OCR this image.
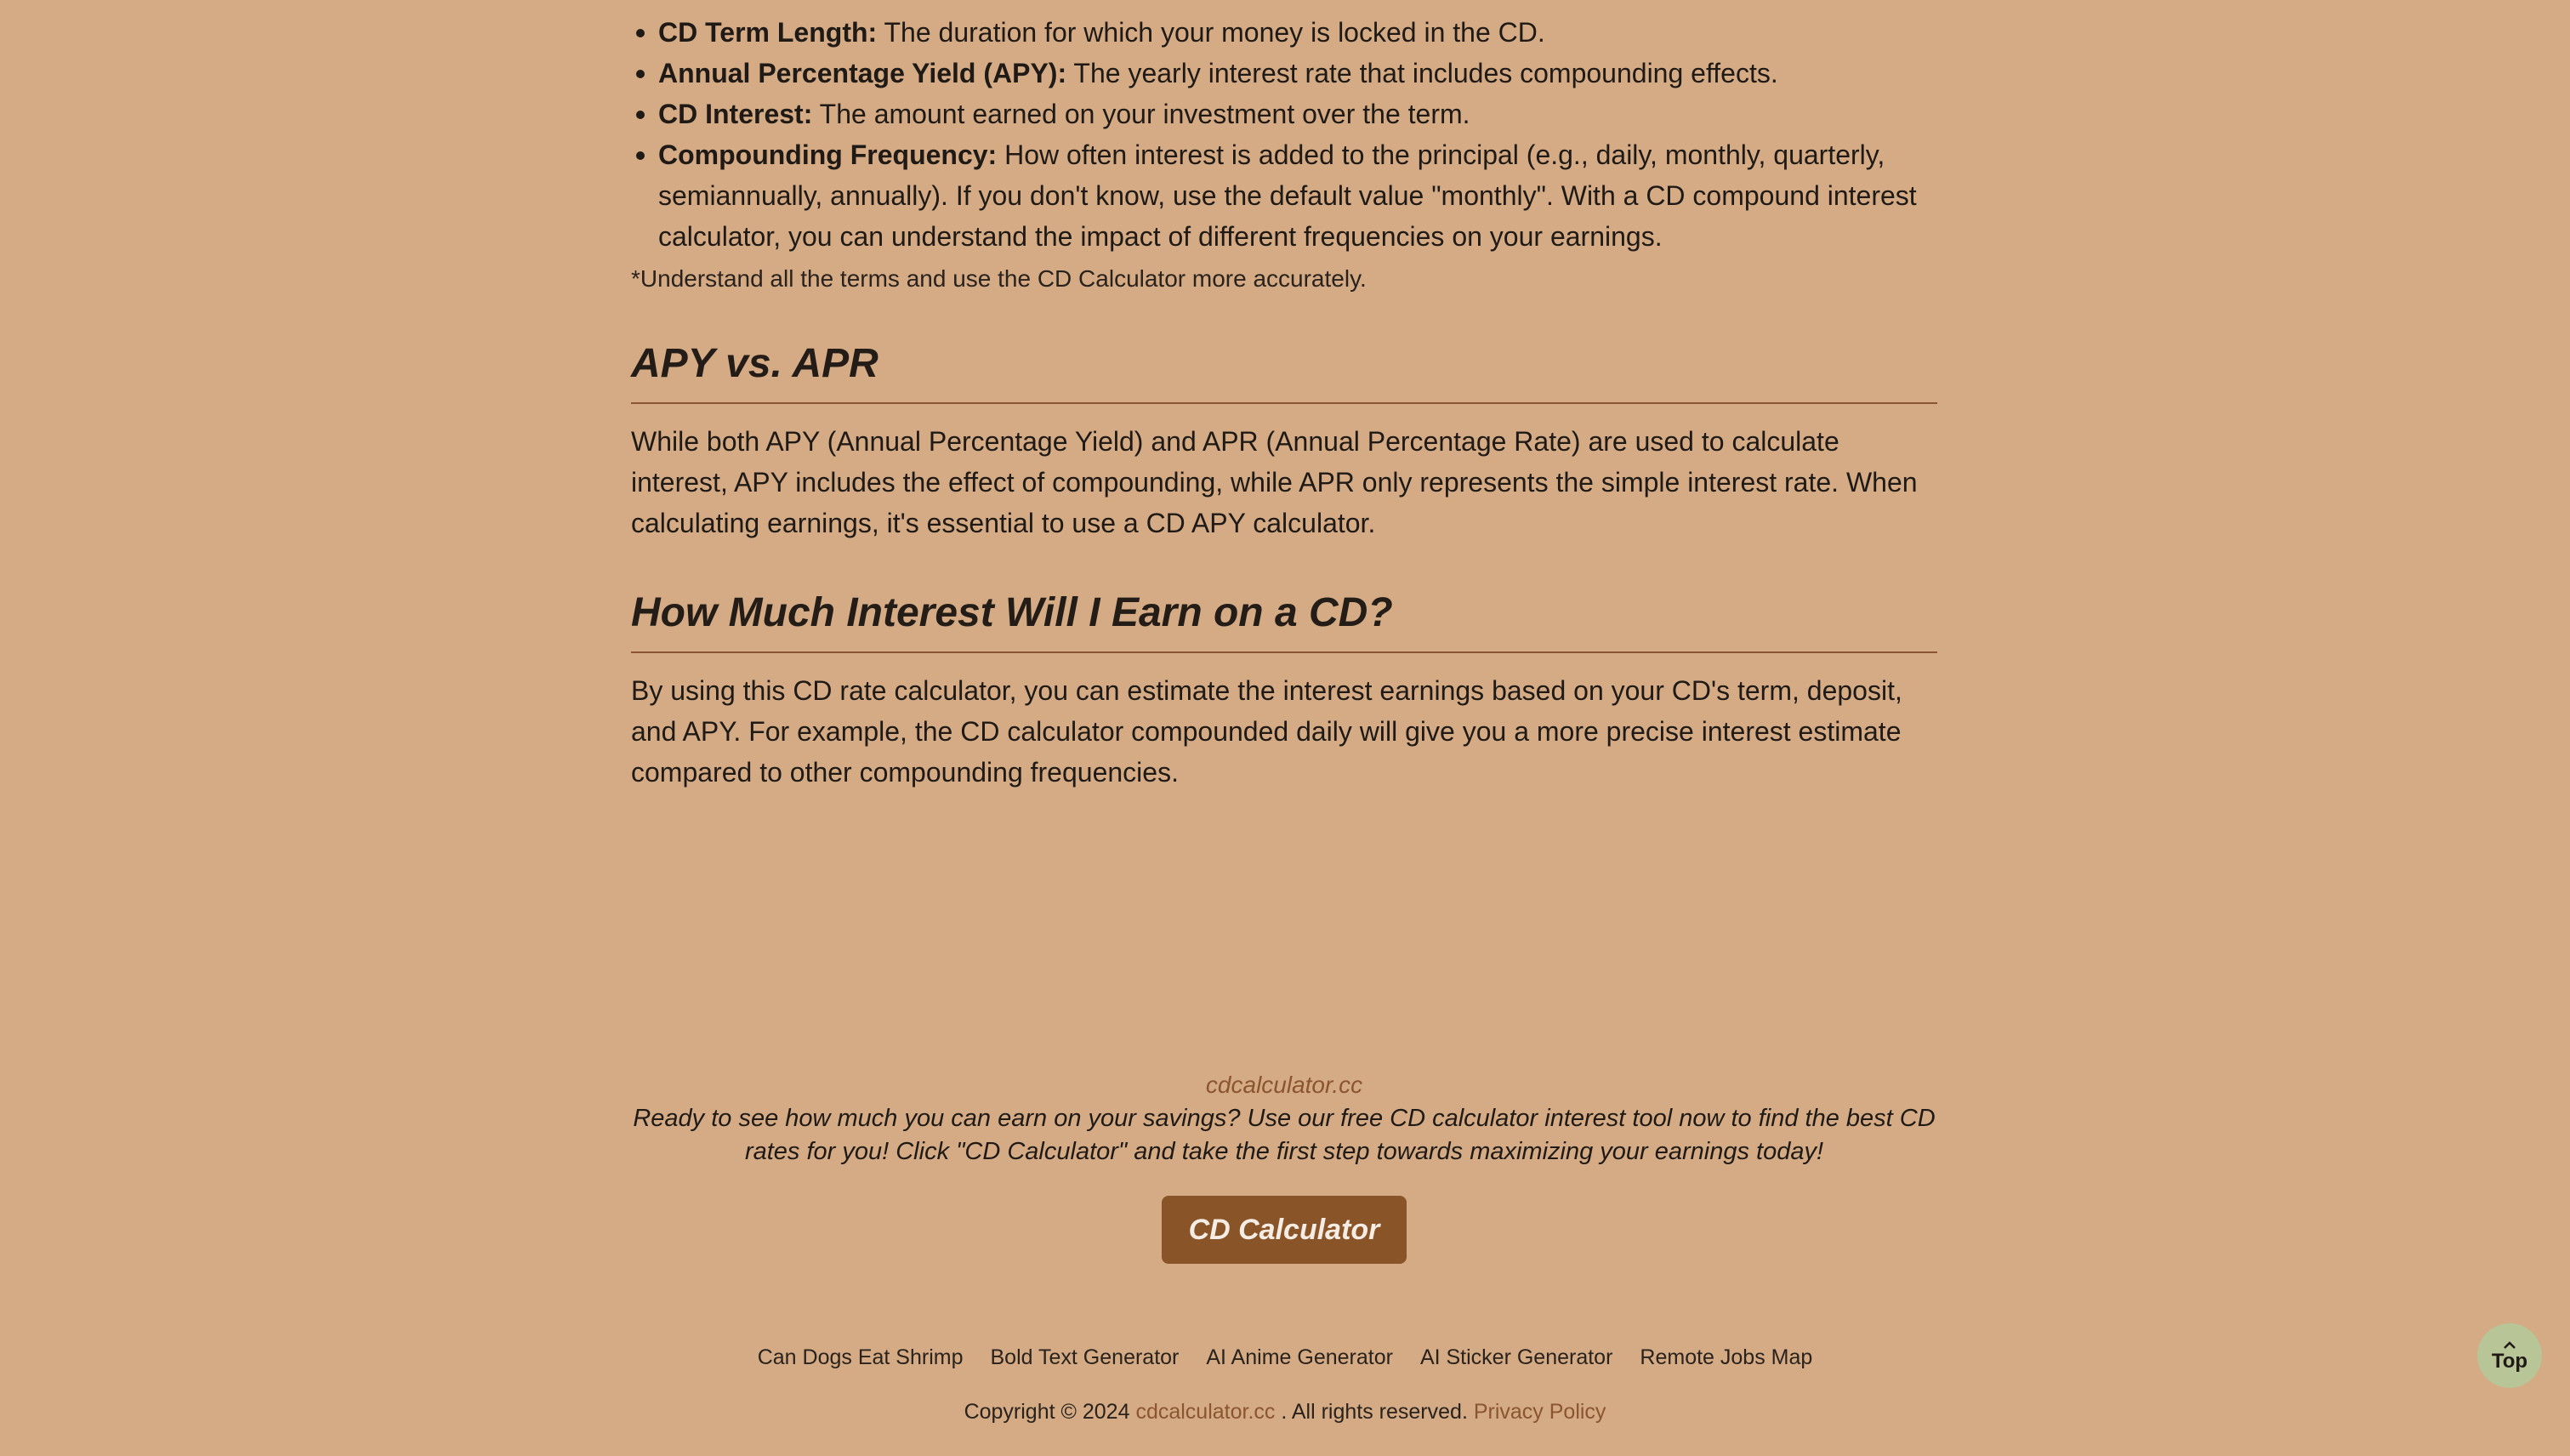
CD Term Length: The duration for which your money is locked in the CD.
Annual Percentage Yield (APY): The yearly interest rate that includes compounding effects.
CD Interest: The amount earned on your investment over the term.
Compounding Frequency: How often interest is added to the principal (e.g., daily, monthly, quarterly, semiannually, annually). If you don't know, use the default value "monthly". With a CD compound interest calculator, you can understand the impact of different frequencies on your earnings.

*Understand all the terms and use the CD Calculator more accurately.

APY vs. APR

While both APY (Annual Percentage Yield) and APR (Annual Percentage Rate) are used to calculate interest, APY includes the effect of compounding, while APR only represents the simple interest rate. When calculating earnings, it's essential to use a CD APY calculator.

How Much Interest Will I Earn on a CD?

By using this CD rate calculator, you can estimate the interest earnings based on your CD's term, deposit, and APY. For example, the CD calculator compounded daily will give you a more precise interest estimate compared to other compounding frequencies.

cdcalculator.cc

Ready to see how much you can earn on your savings? Use our free CD calculator interest tool now to find the best CD rates for you! Click "CD Calculator" and take the first step towards maximizing your earnings today!

CD Calculator
Can Dogs Eat Shrimp Bold Text Generator AI Anime Generator AI Sticker Generator Remote Jobs Map
Copyright © 2024 cdcalculator.cc . All rights reserved. Privacy Policy
Top
